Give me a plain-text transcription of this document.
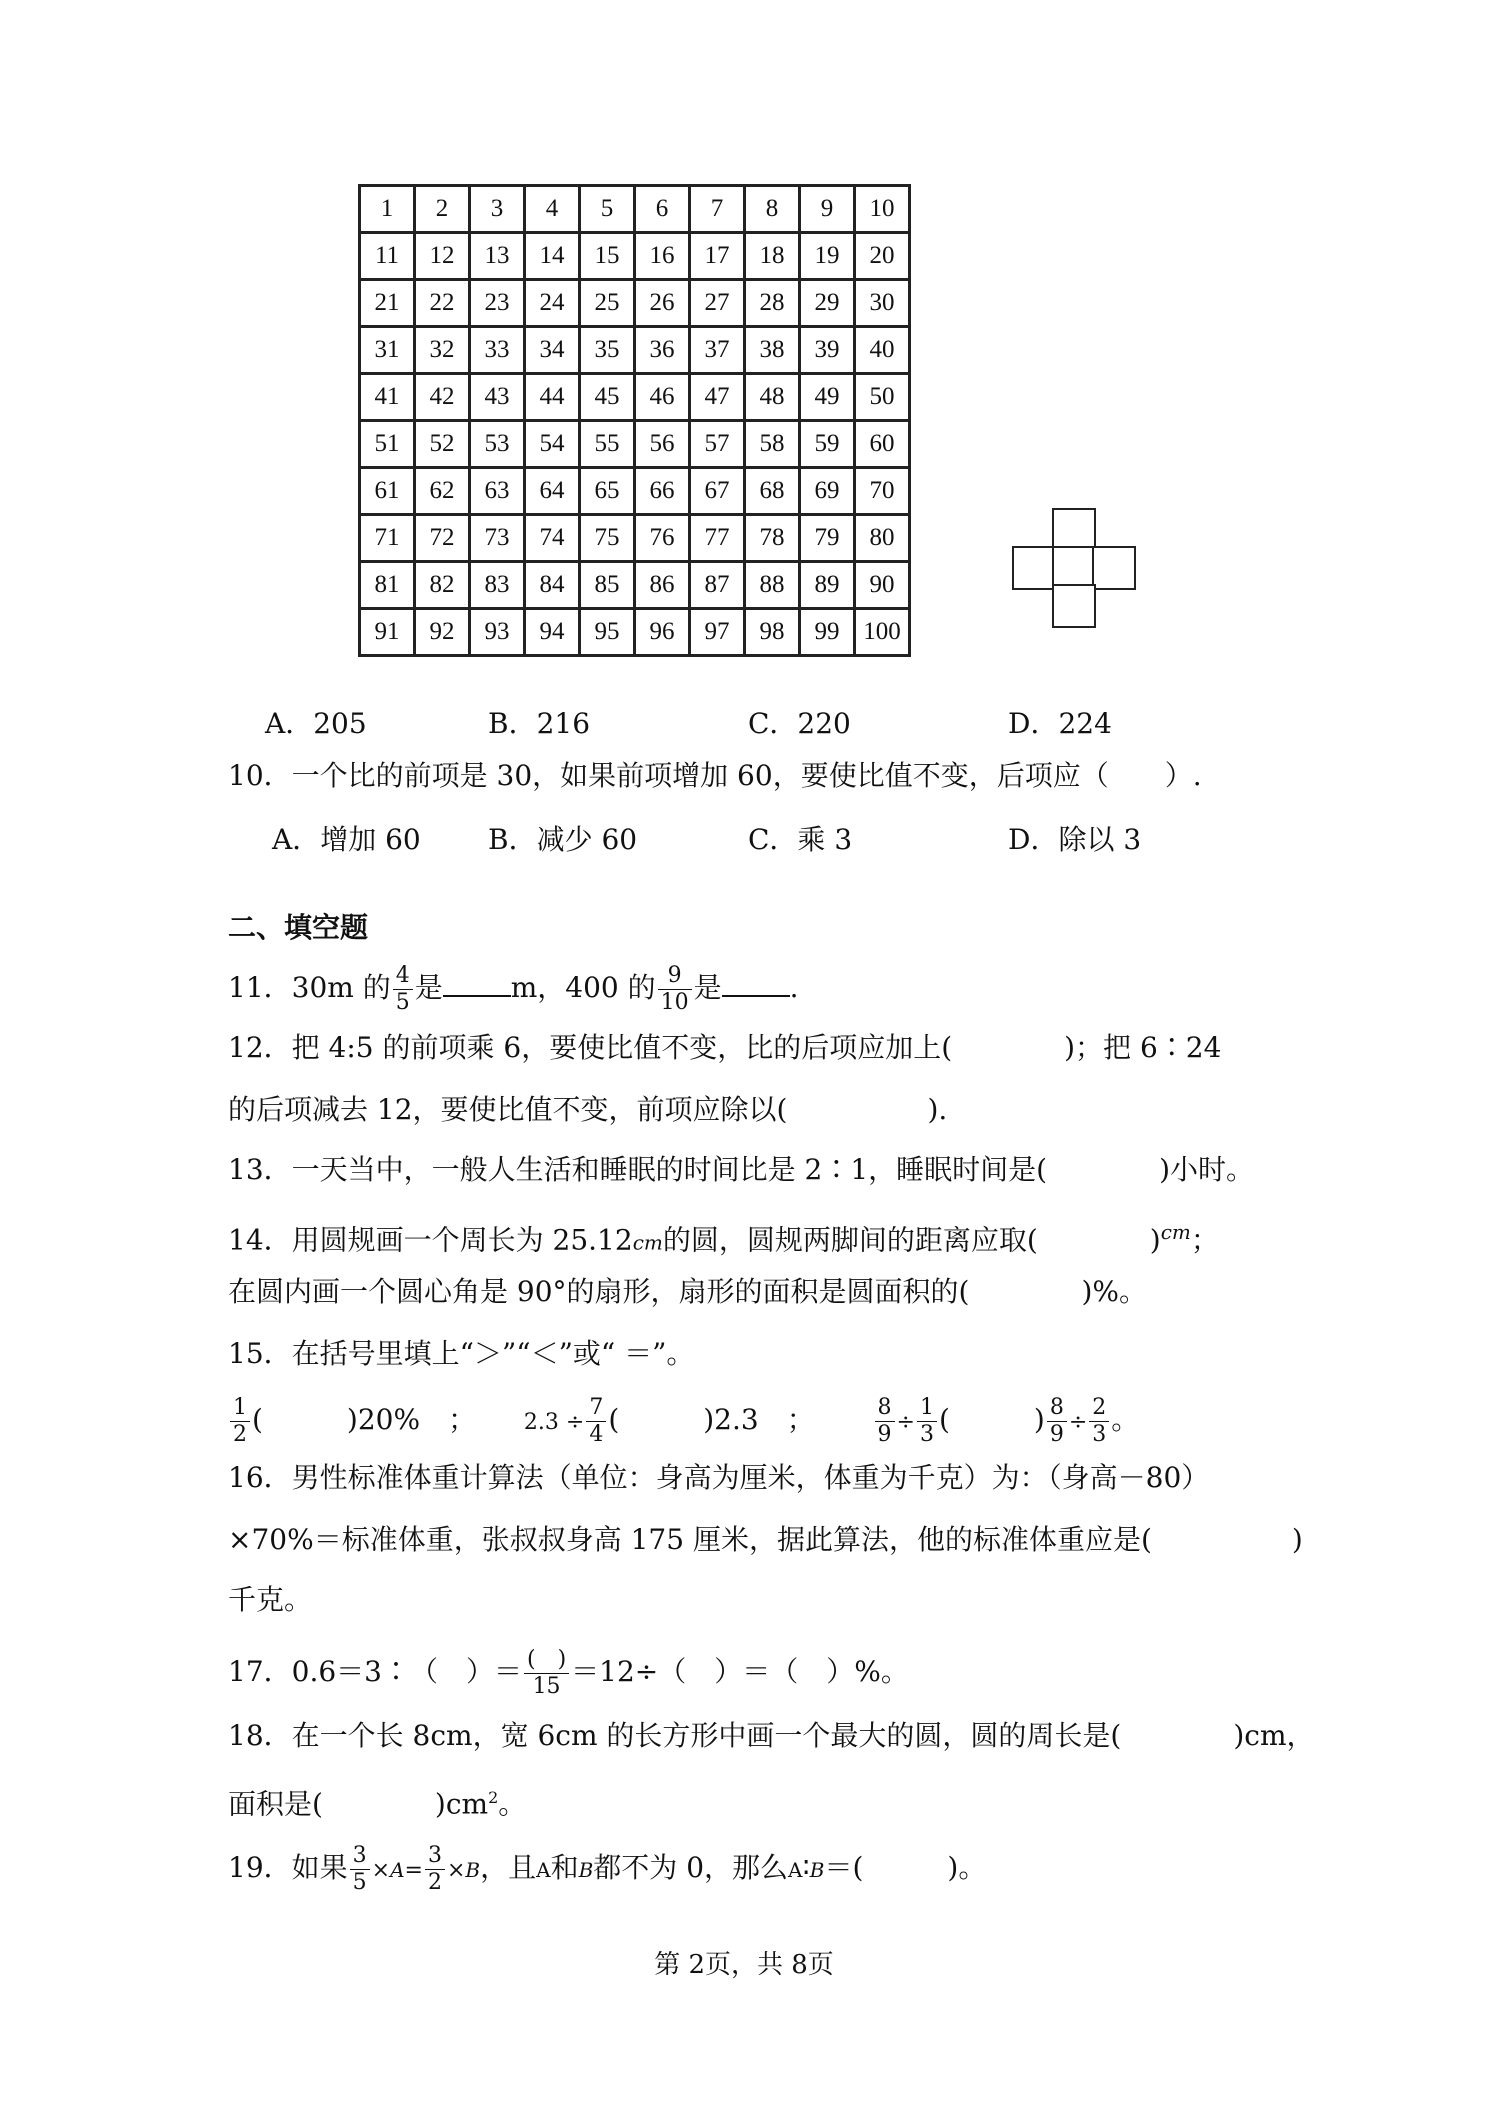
1	2	3	4	5	6	7	8	9	10
11	12	13	14	15	16	17	18	19	20
21	22	23	24	25	26	27	28	29	30
31	32	33	34	35	36	37	38	39	40
41	42	43	44	45	46	47	48	49	50
51	52	53	54	55	56	57	58	59	60
61	62	63	64	65	66	67	68	69	70
71	72	73	74	75	76	77	78	79	80
81	82	83	84	85	86	87	88	89	90
91	92	93	94	95	96	97	98	99	100
A．205	B．216	C．220	D．224
10．一个比的前项是 30，如果前项增加 60，要使比值不变，后项应（　　）.
A．增加 60 B．减少 60	C．乘 3	D．除以 3
二、填空题
11．30m 的 $\frac{4}{5}$ 是 m，400 的 $\frac{9}{10}$ 是 .
12．把 4:5 的前项乘 6，要使比值不变，比的后项应加上(　　　　)；把 6∶24
的后项减去 12，要使比值不变，前项应除以(　　　　　).
13．一天当中，一般人生活和睡眠的时间比是 2∶1，睡眠时间是(　　　　)小时。
14．用圆规画一个周长为 25.12cm的圆，圆规两脚间的距离应取(　　　　)$^{cm}$；
在圆内画一个圆心角是 90°的扇形，扇形的面积是圆面积的(　　　　)%。
15．在括号里填上“＞”“＜”或“ ＝”。
$\frac{1}{2}$ (　　　)20%　； $2.3 \div \frac{7}{4}$ (　　　)2.3　；	$\frac{8}{9} \div \frac{1}{3}$ (　　　) $\frac{8}{9} \div \frac{2}{3}$ 。
16．男性标准体重计算法（单位：身高为厘米，体重为千克）为：（身高－80）
×70%＝标准体重，张叔叔身高 175 厘米，据此算法，他的标准体重应是(　　　　　)
千克。
17．0.6＝3∶（　）＝ $\frac{( )}{15} =12\div$（　）＝（　）%。
18．在一个长 8cm，宽 6cm 的长方形中画一个最大的圆，圆的周长是(　　　　)cm，
面积是(　　　　)$cm^2$。
19．如果 $\frac{3}{5} \times A= \frac{3}{2} \times B$，且A和B都不为 0，那么A∶B＝(　　　)。
第 2页，共 8页
